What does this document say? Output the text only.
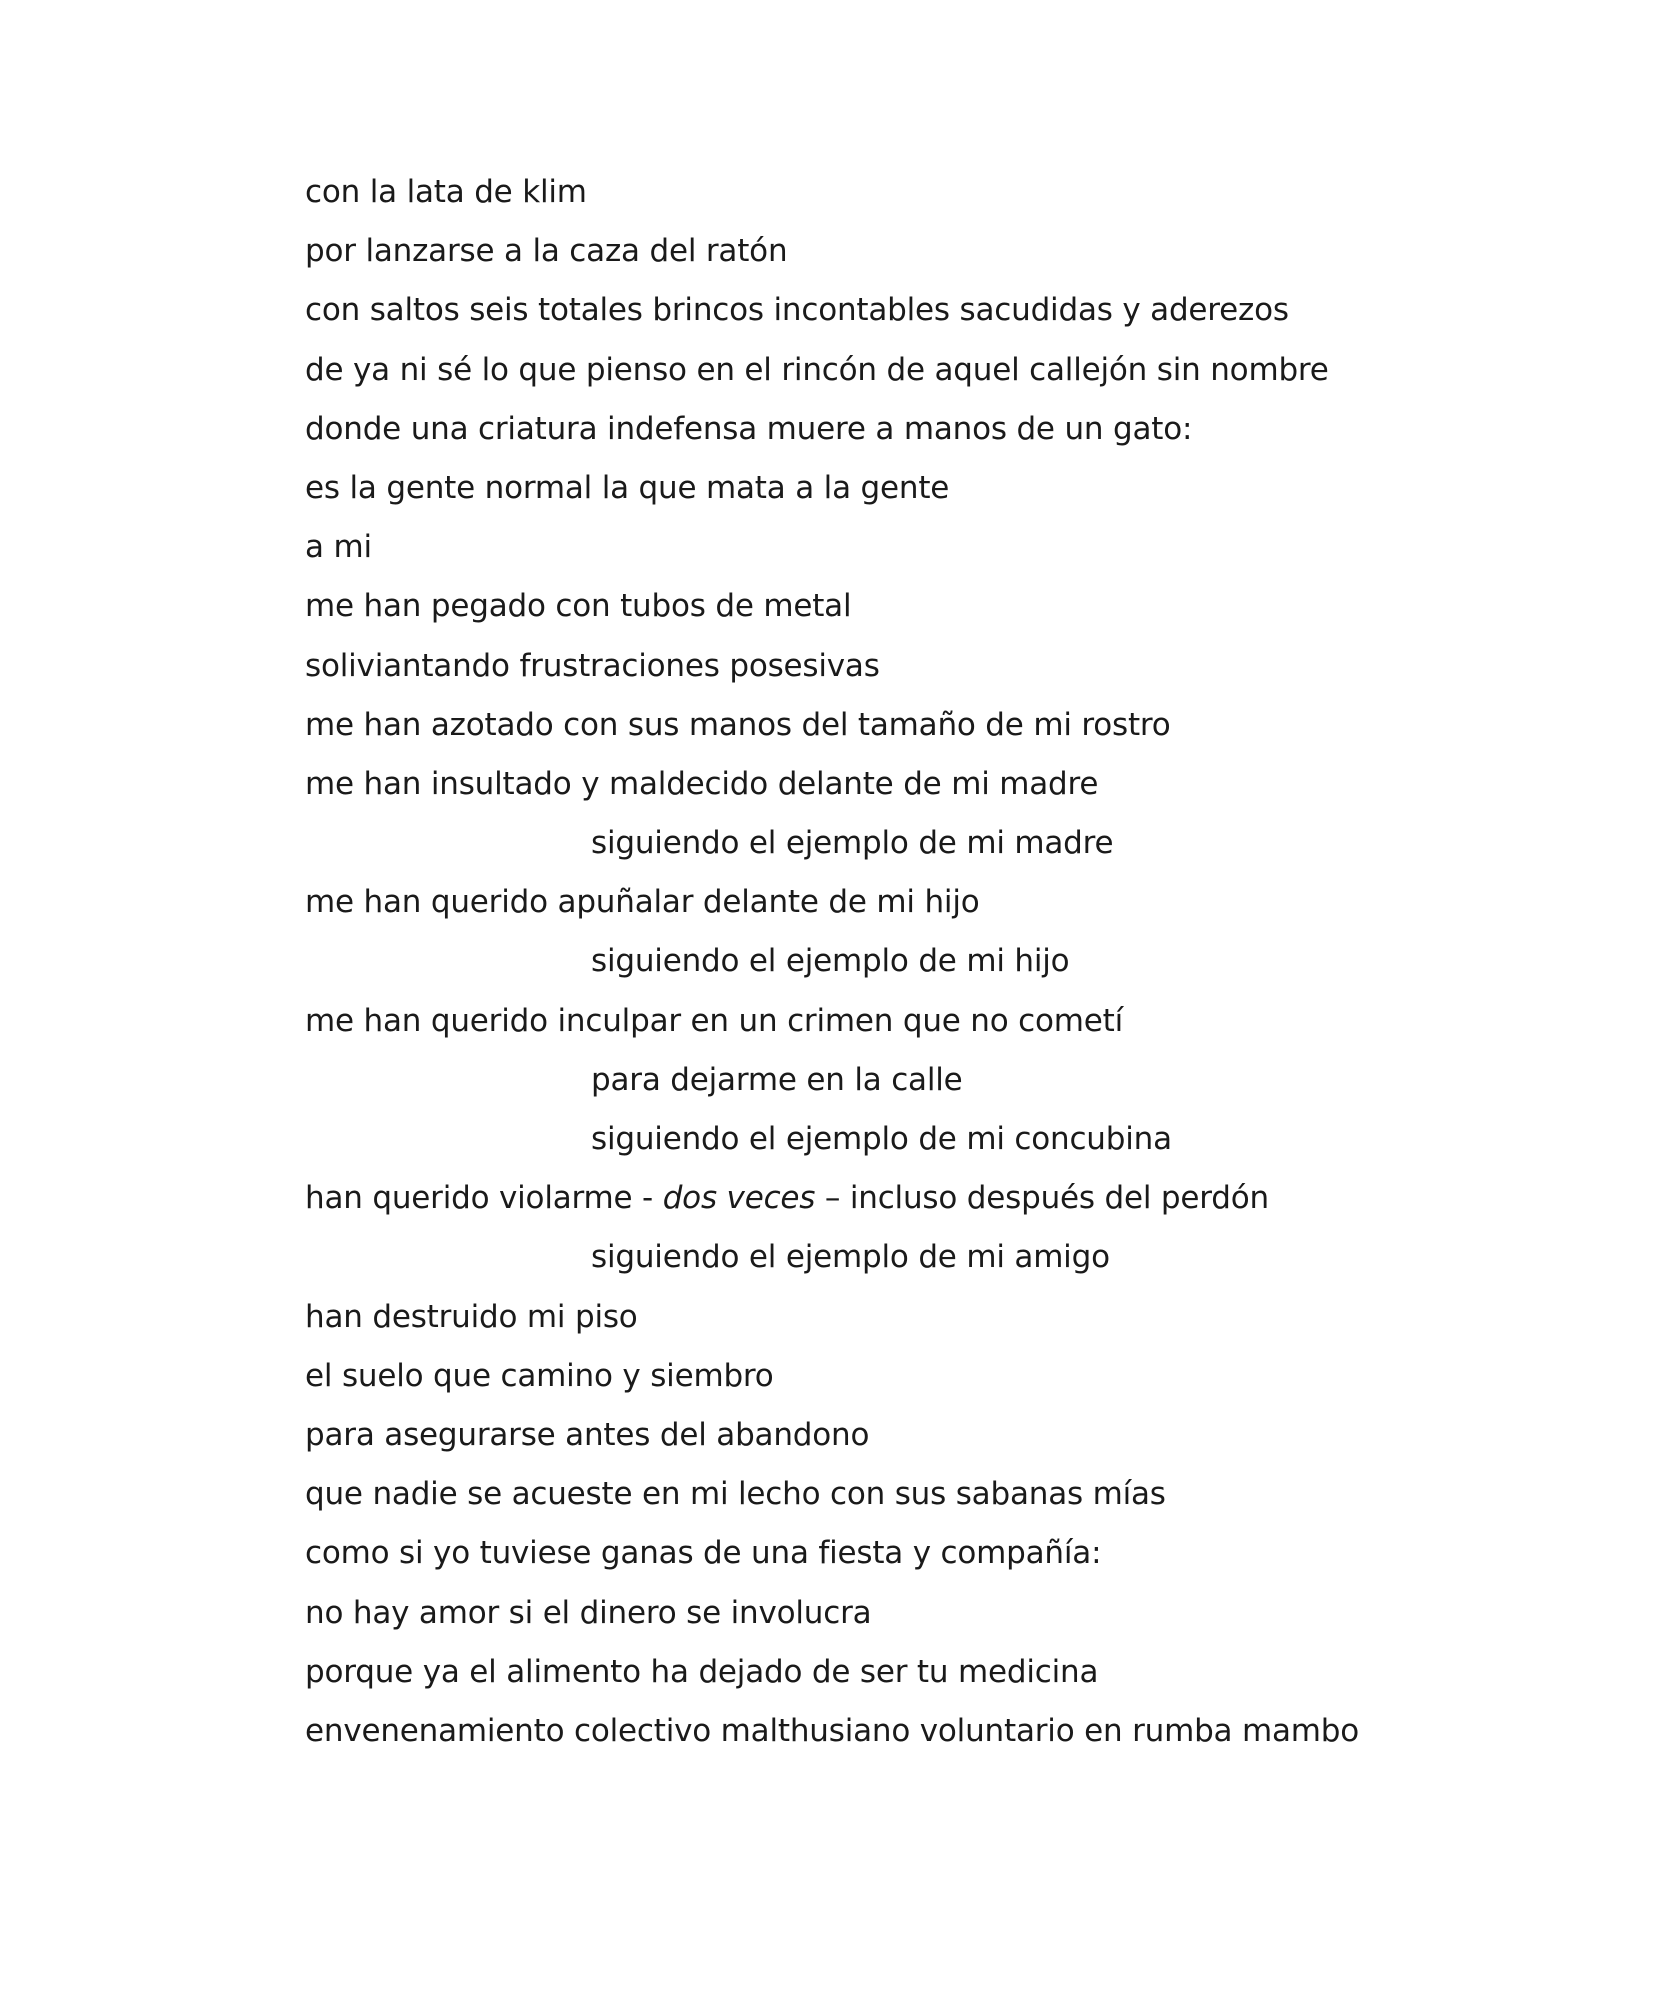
con la lata de klim
por lanzarse a la caza del ratón
con saltos seis totales brincos incontables sacudidas y aderezos
de ya ni sé lo que pienso en el rincón de aquel callejón sin nombre
donde una criatura indefensa muere a manos de un gato:
es la gente normal la que mata a la gente
a mi
me han pegado con tubos de metal
soliviantando frustraciones posesivas
me han azotado con sus manos del tamaño de mi rostro
me han insultado y maldecido delante de mi madre
siguiendo el ejemplo de mi madre
me han querido apuñalar delante de mi hijo
siguiendo el ejemplo de mi hijo
me han querido inculpar en un crimen que no cometí
para dejarme en la calle
siguiendo el ejemplo de mi concubina
han querido violarme - dos veces – incluso después del perdón
siguiendo el ejemplo de mi amigo
han destruido mi piso
el suelo que camino y siembro
para asegurarse antes del abandono
que nadie se acueste en mi lecho con sus sabanas mías
como si yo tuviese ganas de una fiesta y compañía:
no hay amor si el dinero se involucra
porque ya el alimento ha dejado de ser tu medicina
envenenamiento colectivo malthusiano voluntario en rumba mambo
